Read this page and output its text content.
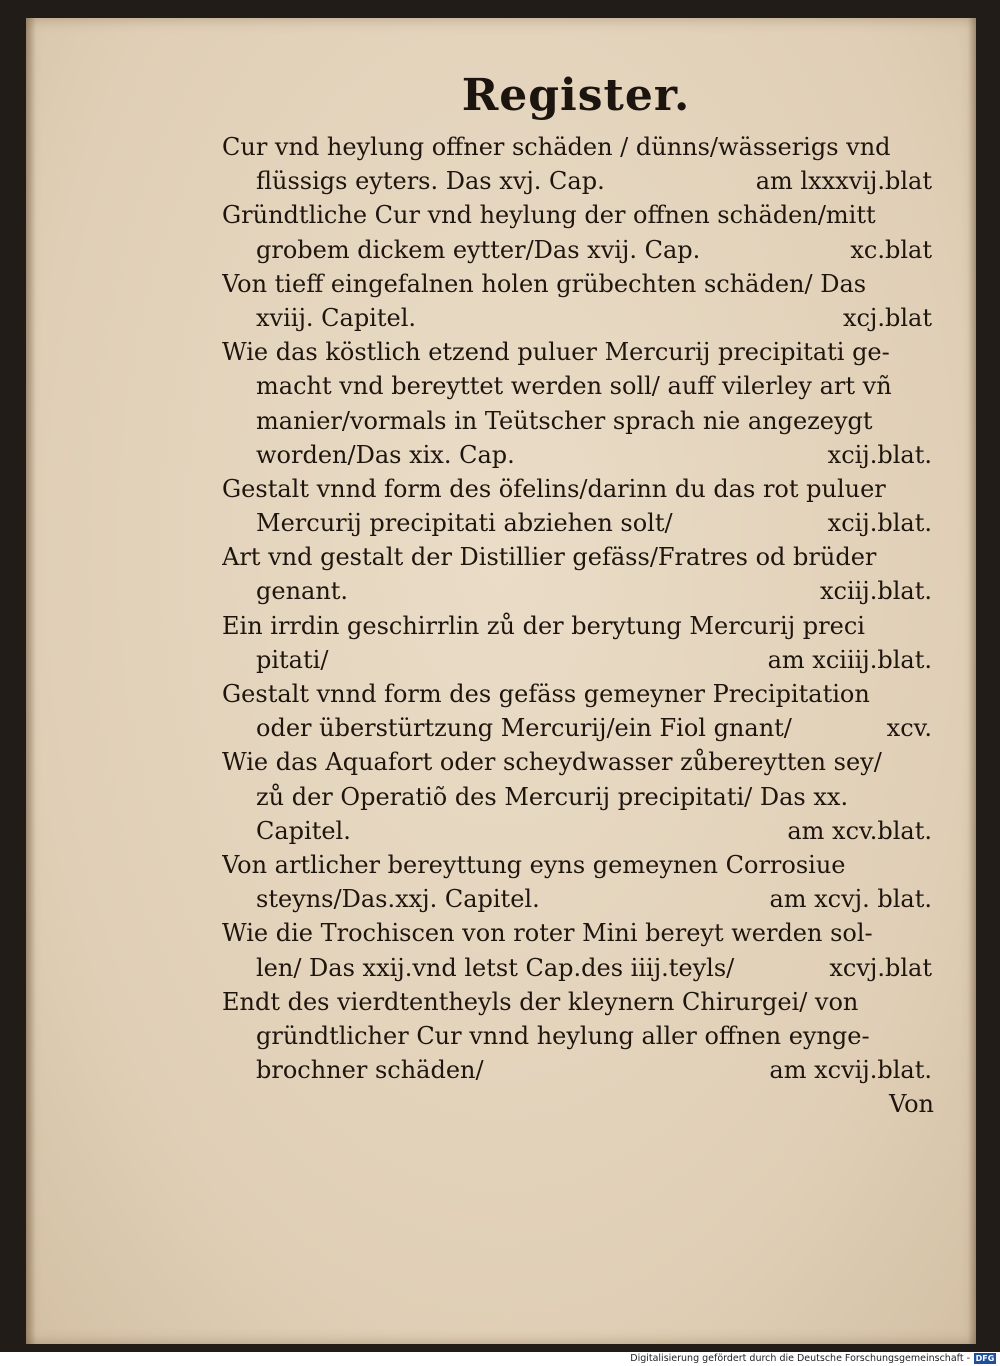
Register.
Cur vnd heylung offner schäden / dünns/wässerigs vnd
flüssigs eyters. Das xvj. Cap.	am lxxxvij.blat
Gründtliche Cur vnd heylung der offnen schäden/mitt
grobem dickem eytter/Das xvij. Cap.	xc.blat
Von tieff eingefalnen holen grübechten schäden/ Das
xviij. Capitel.	xcj.blat
Wie das köstlich etzend puluer Mercurij precipitati ge-
macht vnd bereyttet werden soll/ auff vilerley art vñ
manier/vormals in Teütscher sprach nie angezeygt
worden/Das xix. Cap.	xcij.blat.
Gestalt vnnd form des öfelins/darinn du das rot puluer
Mercurij precipitati abziehen solt/	xcij.blat.
Art vnd gestalt der Distillier gefäss/Fratres od brüder
genant.	xciij.blat.
Ein irrdin geschirrlin zů der berytung Mercurij preci
pitati/	am xciiij.blat.
Gestalt vnnd form des gefäss gemeyner Precipitation
oder überstürtzung Mercurij/ein Fiol gnant/	xcv.
Wie das Aquafort oder scheydwasser zůbereytten sey/
zů der Operatiõ des Mercurij precipitati/ Das xx.
Capitel.	am xcv.blat.
Von artlicher bereyttung eyns gemeynen Corrosiue
steyns/Das.xxj. Capitel.	am xcvj. blat.
Wie die Trochiscen von roter Mini bereyt werden sol-
len/ Das xxij.vnd letst Cap.des iiij.teyls/	xcvj.blat
Endt des vierdtentheyls der kleynern Chirurgei/ von
gründtlicher Cur vnnd heylung aller offnen eynge-
brochner schäden/	am xcvij.blat.
Von
Digitalisierung gefördert durch die Deutsche Forschungsgemeinschaft - DFG
